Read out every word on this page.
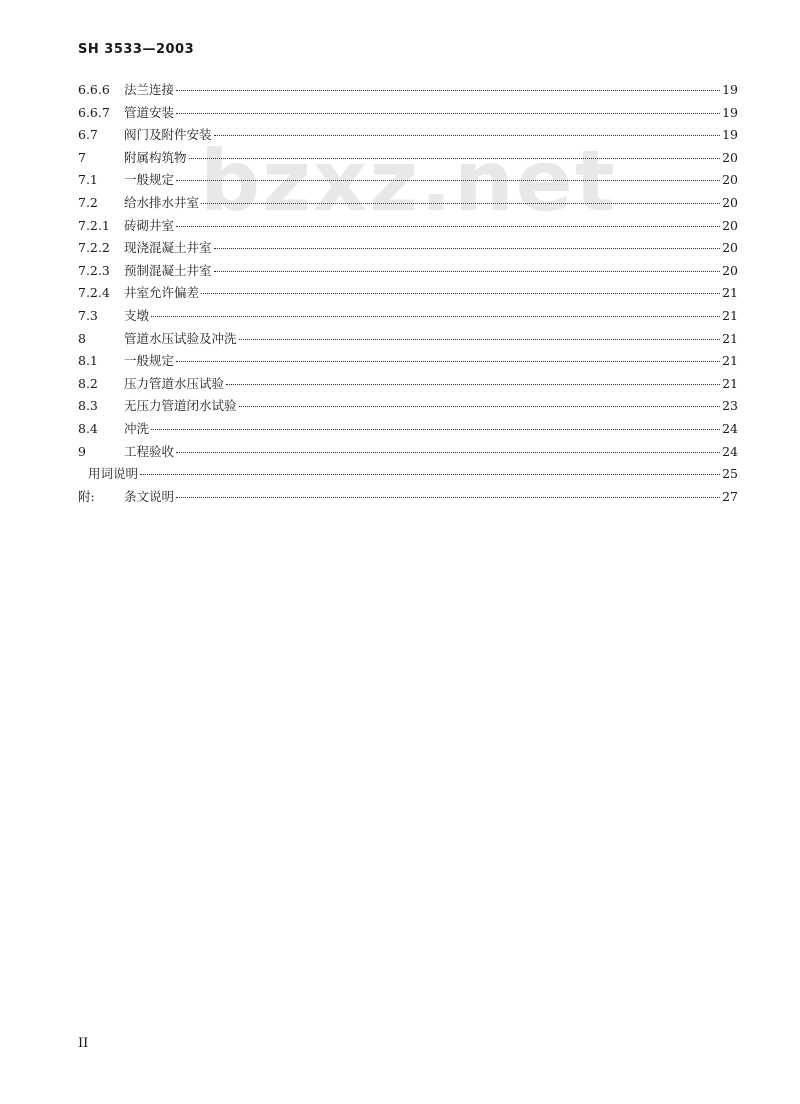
SH 3533—2003
bzxz.net
6.6.6	法兰连接	19
6.6.7	管道安装	19
6.7	阀门及附件安装	19
7	附属构筑物	20
7.1	一般规定	20
7.2	给水排水井室	20
7.2.1	砖砌井室	20
7.2.2	现浇混凝土井室	20
7.2.3	预制混凝土井室	20
7.2.4	井室允许偏差	21
7.3	支墩	21
8	管道水压试验及冲洗	21
8.1	一般规定	21
8.2	压力管道水压试验	21
8.3	无压力管道闭水试验	23
8.4	冲洗	24
9	工程验收	24
用词说明	25
附:	条文说明	27
II
